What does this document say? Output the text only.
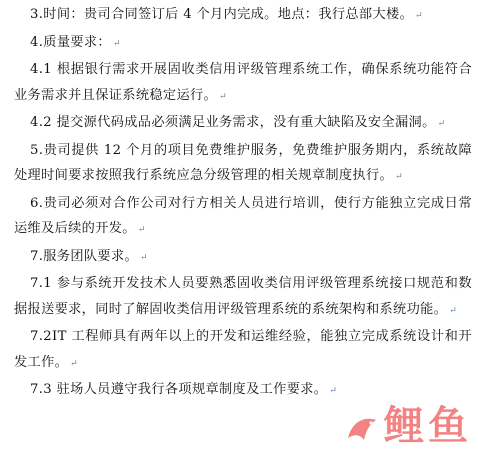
3.时间：贵司合同签订后 4 个月内完成。地点：我行总部大楼。 ↵

4.质量要求： ↵

4.1 根据银行需求开展固收类信用评级管理系统工作，确保系统功能符合业务需求并且保证系统稳定运行。 ↵

4.2 提交源代码成品必须满足业务需求，没有重大缺陷及安全漏洞。 ↵

5.贵司提供 12 个月的项目免费维护服务，免费维护服务期内，系统故障处理时间要求按照我行系统应急分级管理的相关规章制度执行。 ↵

6.贵司必须对合作公司对行方相关人员进行培训，使行方能独立完成日常运维及后续的开发。 ↵

7.服务团队要求。 ↵

7.1 参与系统开发技术人员要熟悉固收类信用评级管理系统接口规范和数据报送要求，同时了解固收类信用评级管理系统的系统架构和系统功能。 ↵

7.2IT 工程师具有两年以上的开发和运维经验，能独立完成系统设计和开发工作。 ↵

7.3 驻场人员遵守我行各项规章制度及工作要求。 ↵

鲤鱼
